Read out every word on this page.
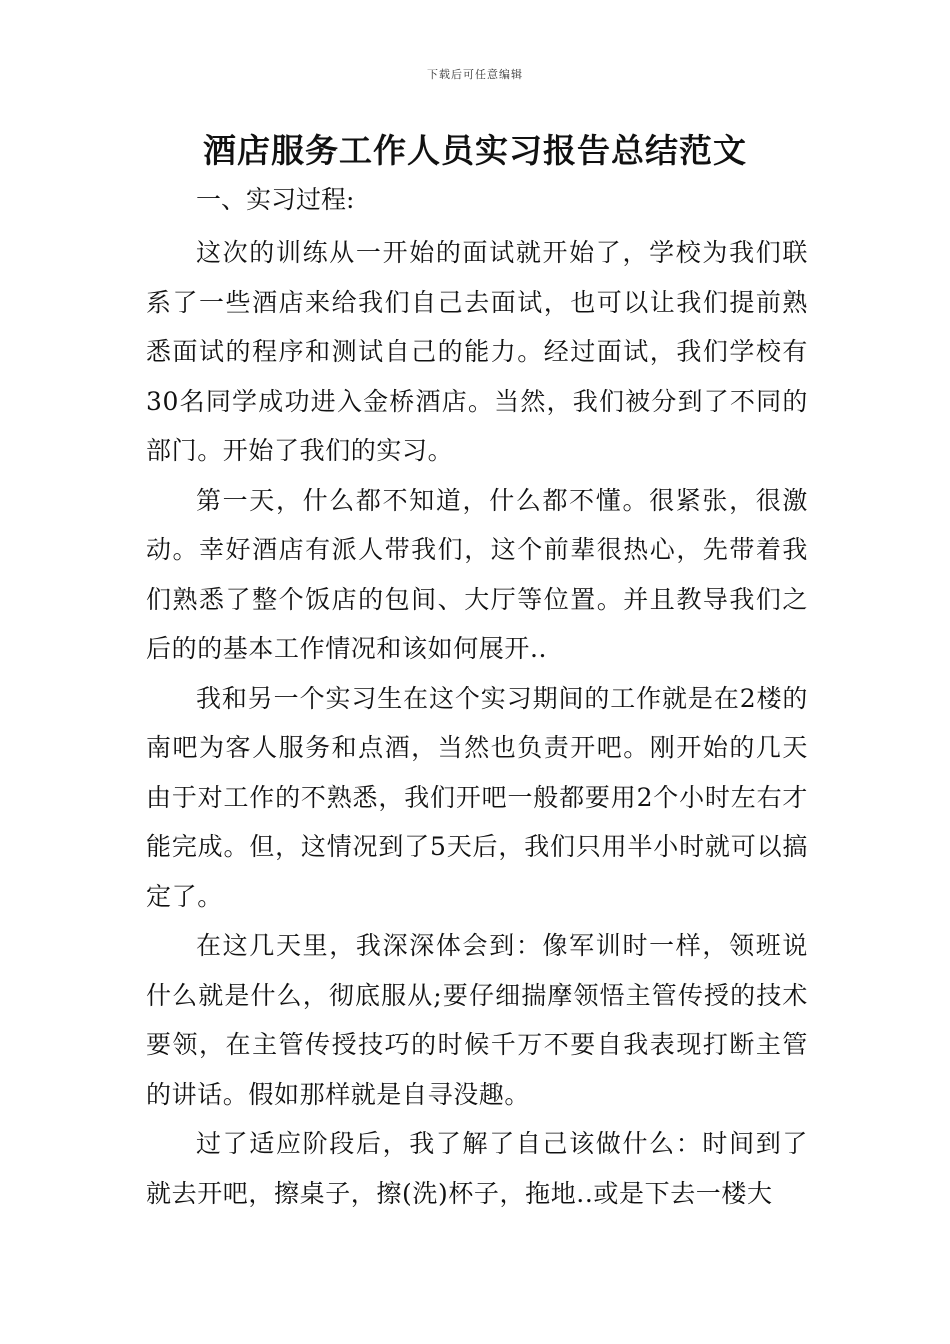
下载后可任意编辑
酒店服务工作人员实习报告总结范文
一、实习过程:

这次的训练从一开始的面试就开始了，学校为我们联系了一些酒店来给我们自己去面试，也可以让我们提前熟悉面试的程序和测试自己的能力。经过面试，我们学校有30名同学成功进入金桥酒店。当然，我们被分到了不同的部门。开始了我们的实习。

第一天，什么都不知道，什么都不懂。很紧张，很激动。幸好酒店有派人带我们，这个前辈很热心，先带着我们熟悉了整个饭店的包间、大厅等位置。并且教导我们之后的的基本工作情况和该如何展开..

我和另一个实习生在这个实习期间的工作就是在2楼的南吧为客人服务和点酒，当然也负责开吧。刚开始的几天由于对工作的不熟悉，我们开吧一般都要用2个小时左右才能完成。但，这情况到了5天后，我们只用半小时就可以搞定了。

在这几天里，我深深体会到：像军训时一样，领班说什么就是什么，彻底服从;要仔细揣摩领悟主管传授的技术要领，在主管传授技巧的时候千万不要自我表现打断主管的讲话。假如那样就是自寻没趣。

过了适应阶段后，我了解了自己该做什么：时间到了就去开吧，擦桌子，擦(洗)杯子，拖地..或是下去一楼大
